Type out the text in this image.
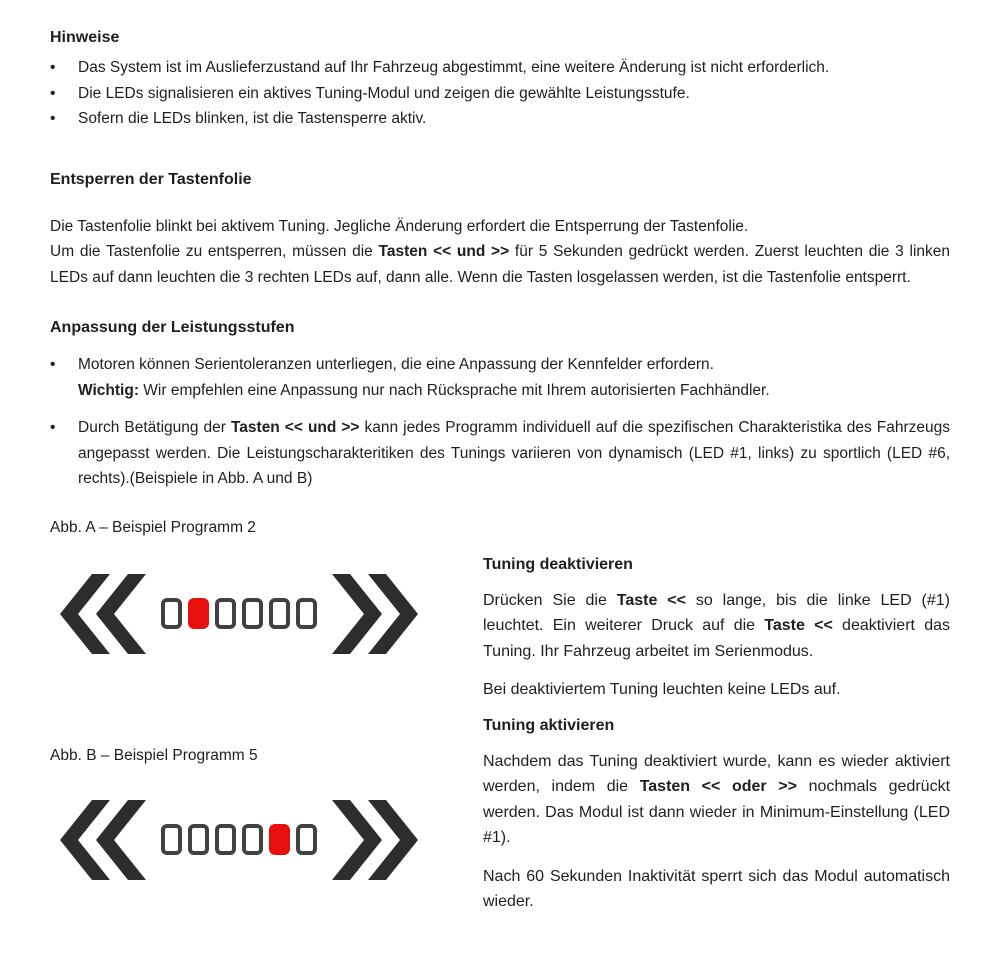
Hinweise
•	Das System ist im Auslieferzustand auf Ihr Fahrzeug abgestimmt, eine weitere Änderung ist nicht erforderlich.
•	Die LEDs signalisieren ein aktives Tuning-Modul und zeigen die gewählte Leistungsstufe.
•	Sofern die LEDs blinken, ist die Tastensperre aktiv.
Entsperren der Tastenfolie

Die Tastenfolie blinkt bei aktivem Tuning. Jegliche Änderung erfordert die Entsperrung der Tastenfolie.

Um die Tastenfolie zu entsperren, müssen die Tasten << und >> für 5 Sekunden gedrückt werden. Zuerst leuchten die 3 linken LEDs auf dann leuchten die 3 rechten LEDs auf, dann alle. Wenn die Tasten losgelassen werden, ist die Tastenfolie entsperrt.

Anpassung der Leistungsstufen
•	Motoren können Serientoleranzen unterliegen, die eine Anpassung der Kennfelder erfordern.
Wichtig: Wir empfehlen eine Anpassung nur nach Rücksprache mit Ihrem autorisierten Fachhändler.
•	Durch Betätigung der Tasten << und >> kann jedes Programm individuell auf die spezifischen Charakteristika des Fahrzeugs angepasst werden. Die Leistungscharakteritiken des Tunings variieren von dynamisch (LED #1, links) zu sportlich (LED #6, rechts).(Beispiele in Abb. A und B)
Abb. A – Beispiel Programm 2
Abb. B – Beispiel Programm 5
Tuning deaktivieren

Drücken Sie die Taste << so lange, bis die linke LED (#1) leuchtet. Ein weiterer Druck auf die Taste << deaktiviert das Tuning. Ihr Fahrzeug arbeitet im Serienmodus.

Bei deaktiviertem Tuning leuchten keine LEDs auf.

Tuning aktivieren

Nachdem das Tuning deaktiviert wurde, kann es wieder aktiviert werden, indem die Tasten << oder >> nochmals gedrückt werden. Das Modul ist dann wieder in Minimum-Einstellung (LED #1).

Nach 60 Sekunden Inaktivität sperrt sich das Modul automatisch wieder.
